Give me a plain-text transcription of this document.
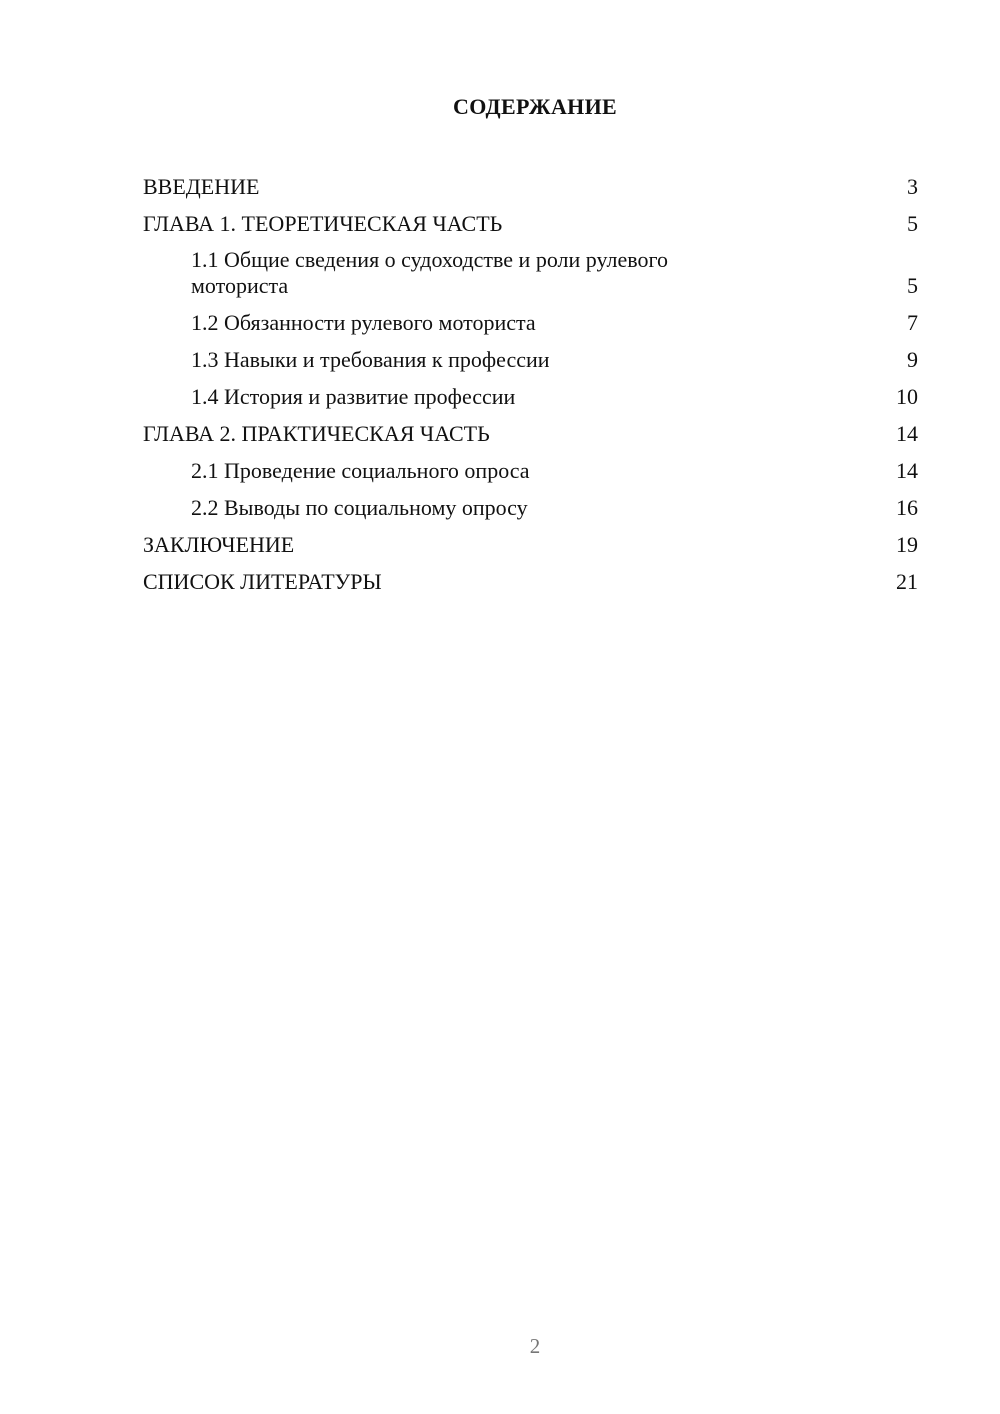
СОДЕРЖАНИЕ
ВВЕДЕНИЕ	3
ГЛАВА 1. ТЕОРЕТИЧЕСКАЯ ЧАСТЬ	5
1.1 Общие сведения о судоходстве и роли рулевого моториста	5
1.2 Обязанности рулевого моториста	7
1.3 Навыки и требования к профессии	9
1.4 История и развитие профессии	10
ГЛАВА 2. ПРАКТИЧЕСКАЯ ЧАСТЬ	14
2.1 Проведение социального опроса	14
2.2 Выводы по социальному опросу	16
ЗАКЛЮЧЕНИЕ	19
СПИСОК ЛИТЕРАТУРЫ	21
2
